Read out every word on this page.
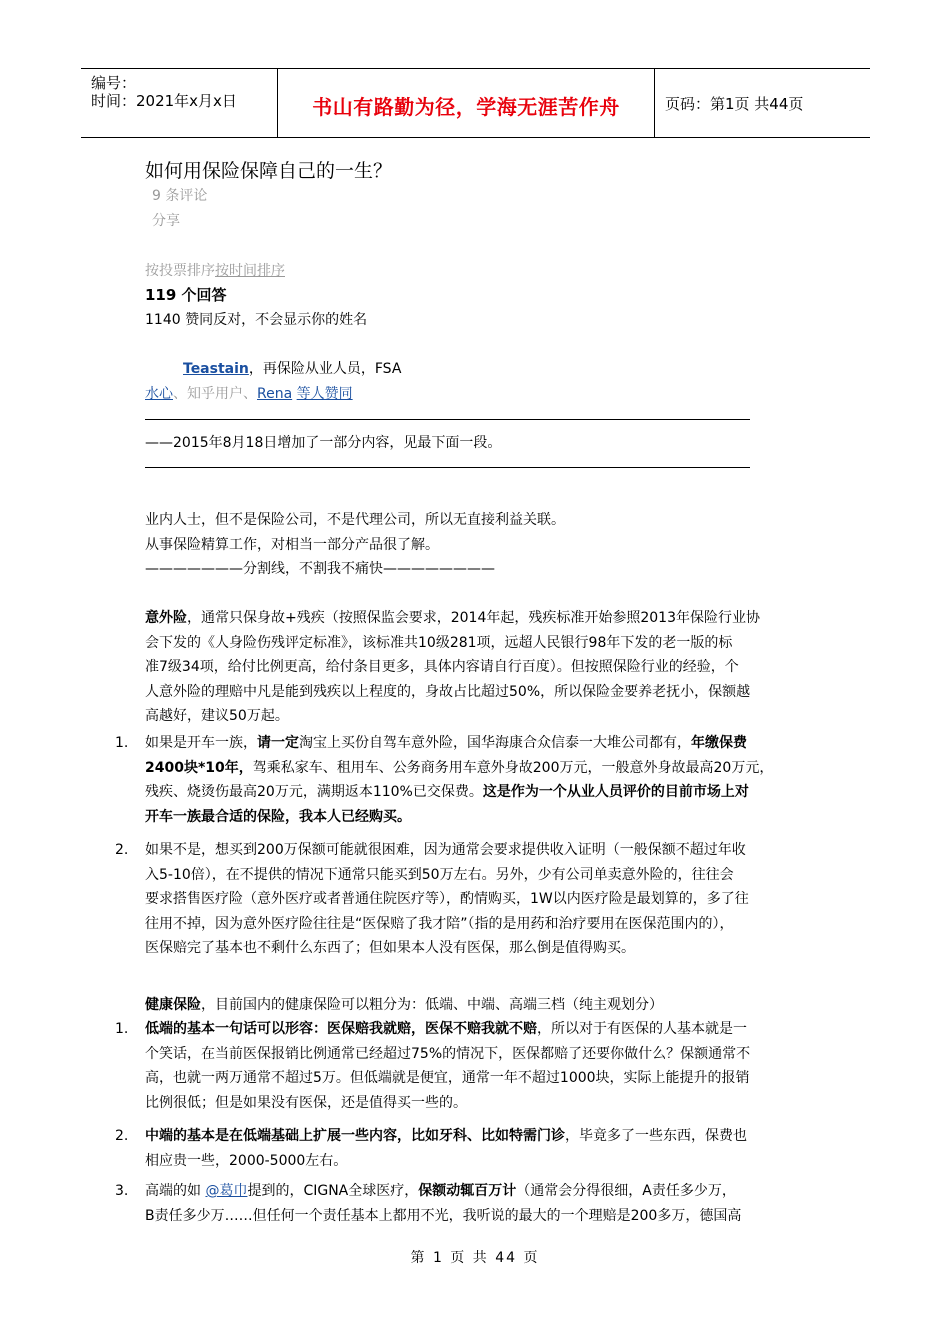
编号：
时间：2021年x月x日	书山有路勤为径，学海无涯苦作舟	页码：第1页 共44页
如何用保险保障自己的一生？
9 条评论
分享
按投票排序按时间排序
119 个回答
1140 赞同反对，不会显示你的姓名
Teastain，再保险从业人员，FSA
水心、知乎用户、Rena 等人赞同
——2015年8月18日增加了一部分内容，见最下面一段。
业内人士，但不是保险公司，不是代理公司，所以无直接利益关联。
从事保险精算工作，对相当一部分产品很了解。
———————分割线，不割我不痛快————————
意外险，通常只保身故+残疾（按照保监会要求，2014年起，残疾标准开始参照2013年保险行业协
会下发的《人身险伤残评定标准》，该标准共10级281项，远超人民银行98年下发的老一版的标
准7级34项，给付比例更高，给付条目更多，具体内容请自行百度）。但按照保险行业的经验，个
人意外险的理赔中凡是能到残疾以上程度的，身故占比超过50%，所以保险金要养老抚小，保额越
高越好，建议50万起。
1. 如果是开车一族，请一定淘宝上买份自驾车意外险，国华海康合众信泰一大堆公司都有，年缴保费
2400块*10年，驾乘私家车、租用车、公务商务用车意外身故200万元，一般意外身故最高20万元，
残疾、烧烫伤最高20万元，满期返本110%已交保费。这是作为一个从业人员评价的目前市场上对
开车一族最合适的保险，我本人已经购买。
2. 如果不是，想买到200万保额可能就很困难，因为通常会要求提供收入证明（一般保额不超过年收
入5-10倍），在不提供的情况下通常只能买到50万左右。另外，少有公司单卖意外险的，往往会
要求搭售医疗险（意外医疗或者普通住院医疗等），酌情购买，1W以内医疗险是最划算的，多了往
往用不掉，因为意外医疗险往往是“医保赔了我才陪”（指的是用药和治疗要用在医保范围内的），
医保赔完了基本也不剩什么东西了；但如果本人没有医保，那么倒是值得购买。
健康保险，目前国内的健康保险可以粗分为：低端、中端、高端三档（纯主观划分）
1. 低端的基本一句话可以形容：医保赔我就赔，医保不赔我就不赔，所以对于有医保的人基本就是一
个笑话，在当前医保报销比例通常已经超过75%的情况下，医保都赔了还要你做什么？保额通常不
高，也就一两万通常不超过5万。但低端就是便宜，通常一年不超过1000块，实际上能提升的报销
比例很低；但是如果没有医保，还是值得买一些的。
2. 中端的基本是在低端基础上扩展一些内容，比如牙科、比如特需门诊，毕竟多了一些东西，保费也
相应贵一些，2000-5000左右。
3. 高端的如 @葛巾提到的，CIGNA全球医疗，保额动辄百万计（通常会分得很细，A责任多少万，
B责任多少万……但任何一个责任基本上都用不光，我听说的最大的一个理赔是200多万，德国高
第 1 页 共 44 页
